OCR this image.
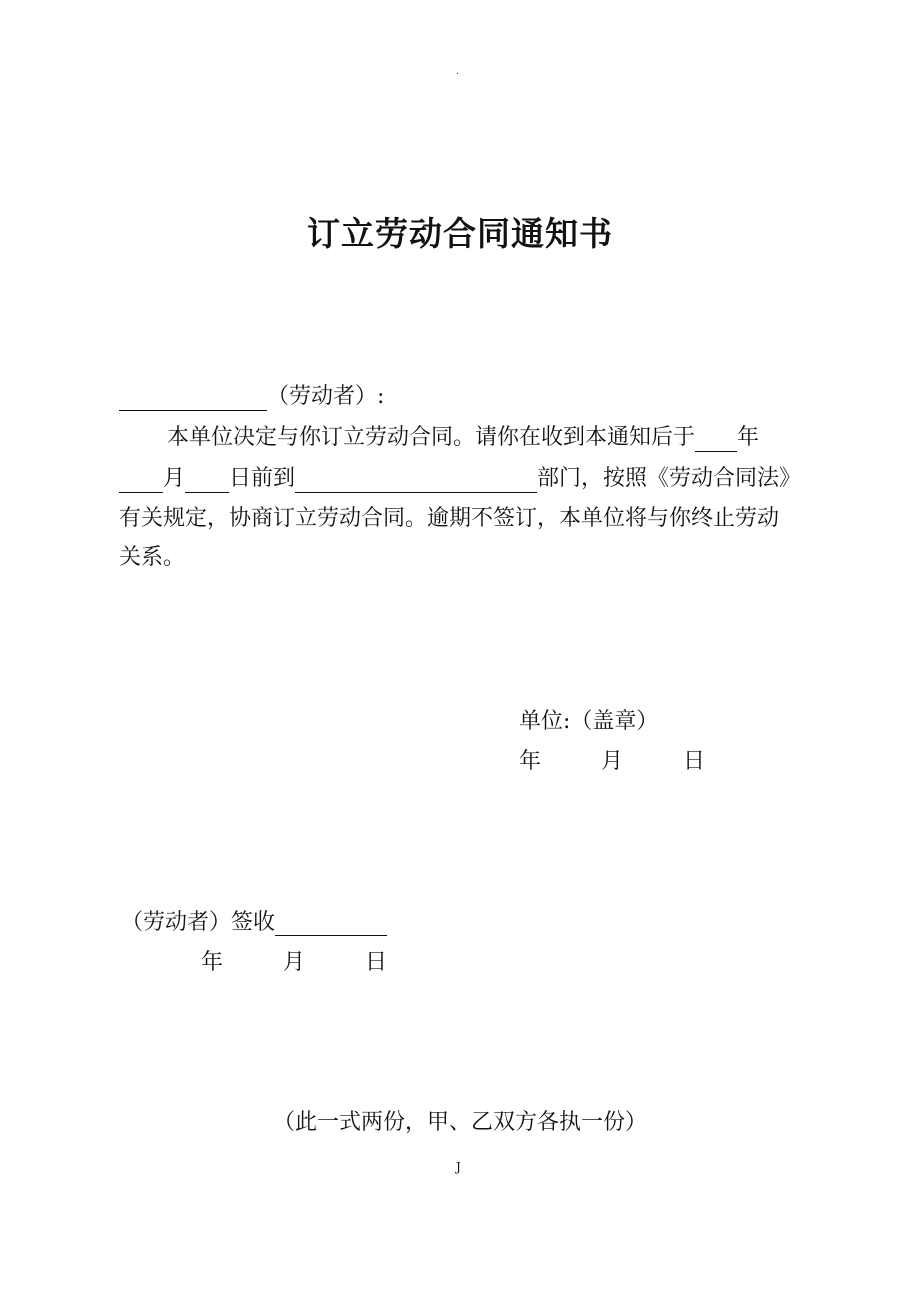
.
订立劳动合同通知书
（劳动者）:
本单位决定与你订立劳动合同。请你在收到本通知后于 年
月 日前到	部门，按照《劳动合同法》
有关规定，协商订立劳动合同。逾期不签订，本单位将与你终止劳动
关系。
单位:（盖章）
年	月	日
（劳动者）签收
年	月	日
（此一式两份，甲、乙双方各执一份）
J
